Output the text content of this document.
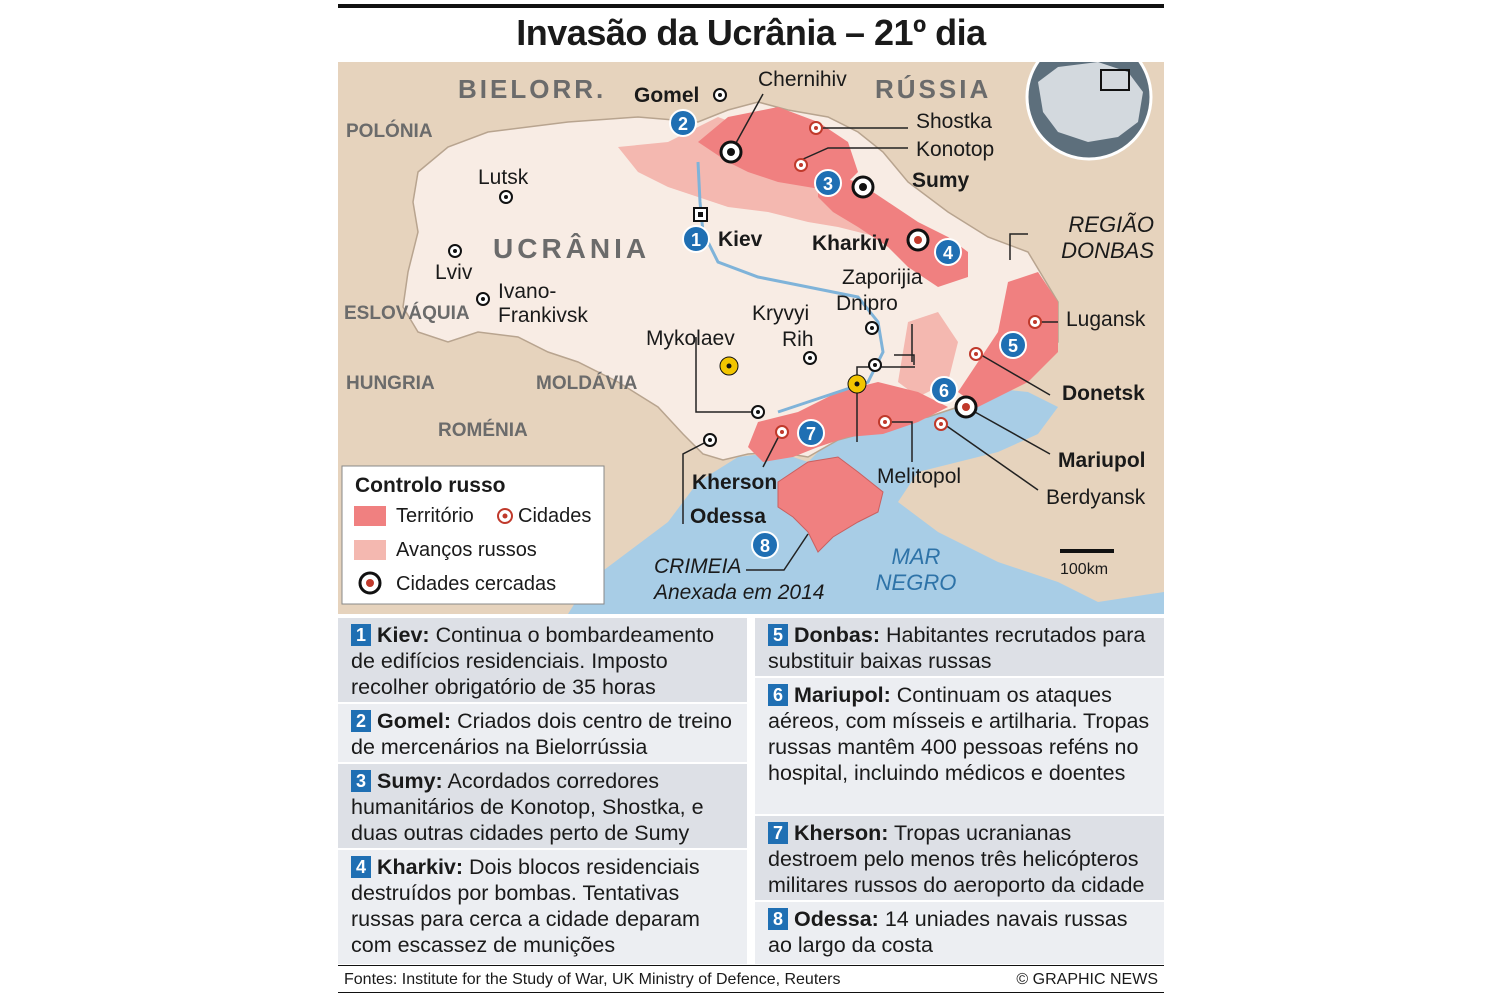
Invasão da Ucrânia – 21º dia
BIELORR.	RÚSSIA
POLÓNIA
UCRÂNIA
ESLOVÁQUIA
HUNGRIA	MOLDÁVIA
ROMÉNIA
REGIÃO
DONBAS
MAR
NEGRO
CRIMEIA
Anexada em 2014
100km
Gomel
Chernihiv
Shostka
Konotop
Sumy
Lutsk
Kiev Kharkiv
Lviv
Ivano-
Frankivsk
Zaporijia
Dnipro
Kryvyi
Rih
Mykolaev
Lugansk
Donetsk
Mariupol
Melitopol
Berdyansk
Kherson
Odessa
1
2
3
4
5
6
7
8
Controlo russo
Território Cidades
Avanços russos
Cidades cercadas
1 Kiev: Continua o bombardeamento de edifícios residenciais. Imposto recolher obrigatório de 35 horas
2 Gomel: Criados dois centro de treino de mercenários na Bielorrússia
3 Sumy: Acordados corredores humanitários de Konotop, Shostka, e duas outras cidades perto de Sumy
4 Kharkiv: Dois blocos residenciais destruídos por bombas. Tentativas russas para cerca a cidade deparam com escassez de munições
5 Donbas: Habitantes recrutados para substituir baixas russas
6 Mariupol: Continuam os ataques aéreos, com mísseis e artilharia. Tropas russas mantêm 400 pessoas reféns no hospital, incluindo médicos e doentes
7 Kherson: Tropas ucranianas destroem pelo menos três helicópteros militares russos do aeroporto da cidade
8 Odessa: 14 uniades navais russas ao largo da costa
Fontes: Institute for the Study of War, UK Ministry of Defence, Reuters	© GRAPHIC NEWS
